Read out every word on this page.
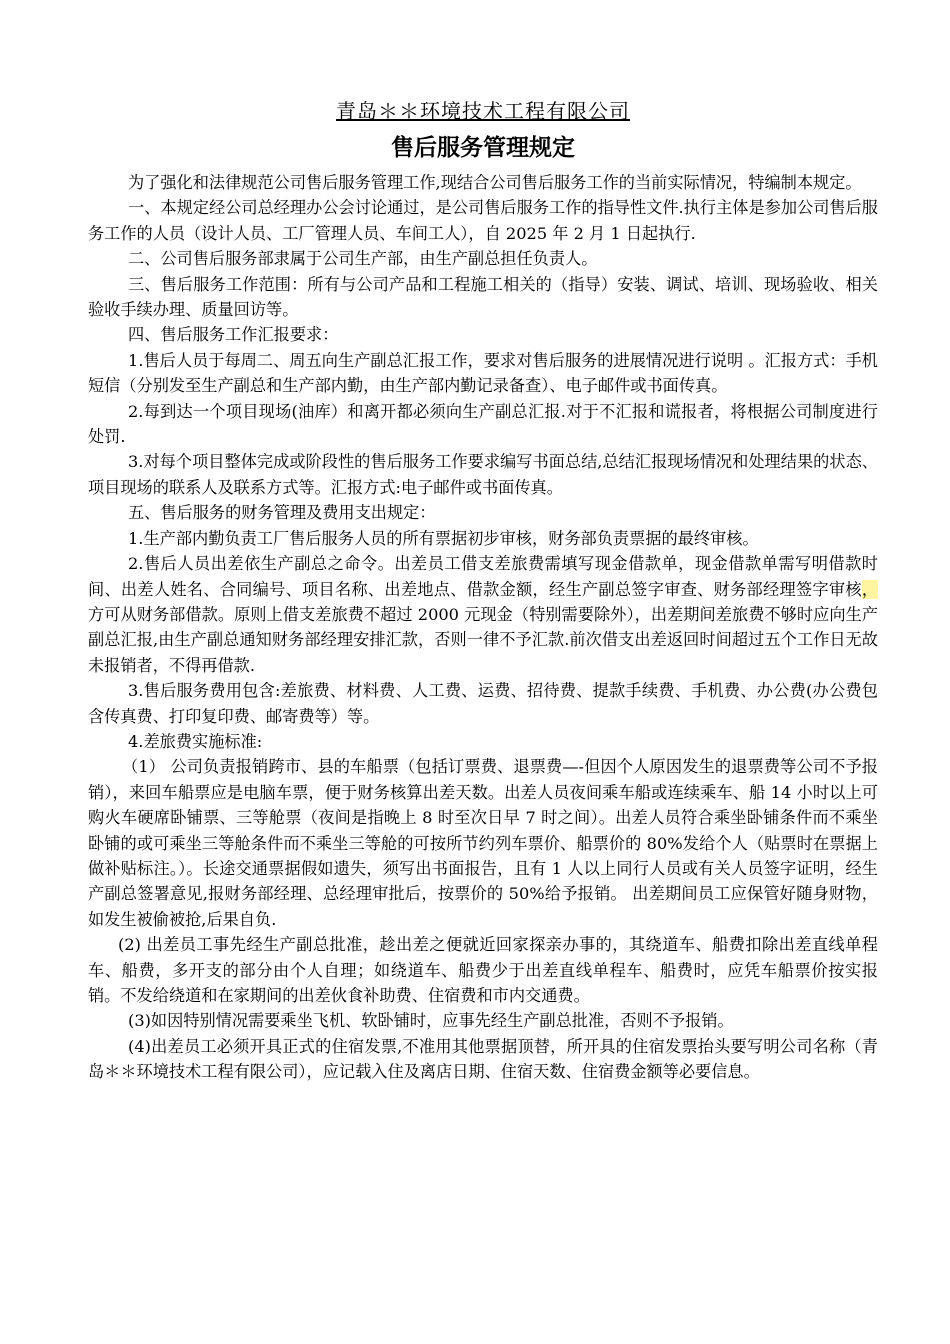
青岛＊＊环境技术工程有限公司

售后服务管理规定

为了强化和法律规范公司售后服务管理工作,现结合公司售后服务工作的当前实际情况，特编制本规定。

一、本规定经公司总经理办公会讨论通过，是公司售后服务工作的指导性文件.执行主体是参加公司售后服务工作的人员（设计人员、工厂管理人员、车间工人），自 2025 年 2 月 1 日起执行.

二、公司售后服务部隶属于公司生产部，由生产副总担任负责人。

三、售后服务工作范围：所有与公司产品和工程施工相关的（指导）安装、调试、培训、现场验收、相关验收手续办理、质量回访等。

四、售后服务工作汇报要求：

1.售后人员于每周二、周五向生产副总汇报工作，要求对售后服务的进展情况进行说明 。汇报方式：手机短信（分别发至生产副总和生产部内勤，由生产部内勤记录备查）、电子邮件或书面传真。

2.每到达一个项目现场(油库）和离开都必须向生产副总汇报.对于不汇报和谎报者，将根据公司制度进行处罚.

3.对每个项目整体完成或阶段性的售后服务工作要求编写书面总结,总结汇报现场情况和处理结果的状态、项目现场的联系人及联系方式等。汇报方式:电子邮件或书面传真。

五、售后服务的财务管理及费用支出规定：

1.生产部内勤负责工厂售后服务人员的所有票据初步审核，财务部负责票据的最终审核。

2.售后人员出差依生产副总之命令。出差员工借支差旅费需填写现金借款单，现金借款单需写明借款时间、出差人姓名、合同编号、项目名称、出差地点、借款金额，经生产副总签字审查、财务部经理签字审核，方可从财务部借款。原则上借支差旅费不超过 2000 元现金（特别需要除外），出差期间差旅费不够时应向生产副总汇报,由生产副总通知财务部经理安排汇款，否则一律不予汇款.前次借支出差返回时间超过五个工作日无故未报销者，不得再借款.

3.售后服务费用包含:差旅费、材料费、人工费、运费、招待费、提款手续费、手机费、办公费(办公费包含传真费、打印复印费、邮寄费等）等。

4.差旅费实施标准:

（1） 公司负责报销跨市、县的车船票（包括订票费、退票费—-但因个人原因发生的退票费等公司不予报销），来回车船票应是电脑车票，便于财务核算出差天数。出差人员夜间乘车船或连续乘车、船 14 小时以上可购火车硬席卧铺票、三等舱票（夜间是指晚上 8 时至次日早 7 时之间）。出差人员符合乘坐卧铺条件而不乘坐卧铺的或可乘坐三等舱条件而不乘坐三等舱的可按所节约列车票价、船票价的 80%发给个人（贴票时在票据上做补贴标注。）。长途交通票据假如遗失，须写出书面报告，且有 1 人以上同行人员或有关人员签字证明，经生产副总签署意见,报财务部经理、总经理审批后，按票价的 50%给予报销。 出差期间员工应保管好随身财物，如发生被偷被抢,后果自负.

(2) 出差员工事先经生产副总批准，趁出差之便就近回家探亲办事的，其绕道车、船费扣除出差直线单程车、船费，多开支的部分由个人自理；如绕道车、船费少于出差直线单程车、船费时，应凭车船票价按实报销。不发给绕道和在家期间的出差伙食补助费、住宿费和市内交通费。

(3)如因特别情况需要乘坐飞机、软卧铺时，应事先经生产副总批准，否则不予报销。

(4)出差员工必须开具正式的住宿发票,不准用其他票据顶替，所开具的住宿发票抬头要写明公司名称（青岛＊＊环境技术工程有限公司），应记载入住及离店日期、住宿天数、住宿费金额等必要信息。
